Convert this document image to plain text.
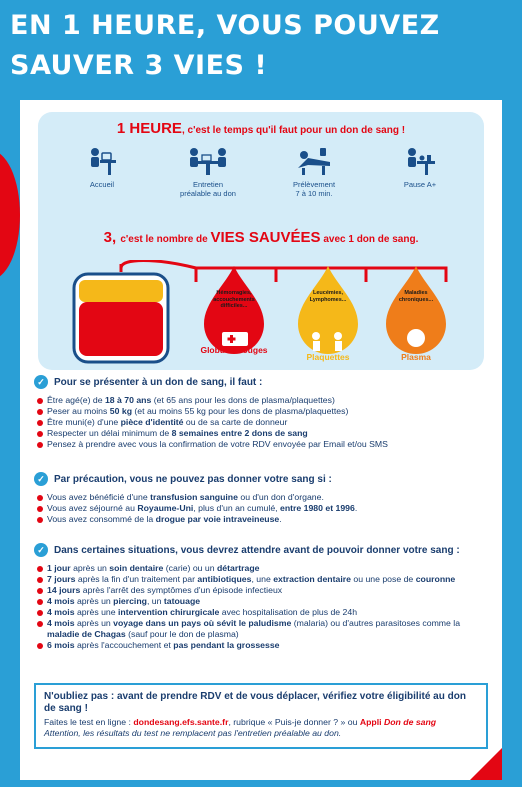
EN 1 HEURE, VOUS POUVEZ
SAUVER 3 VIES !
1 HEURE, c'est le temps qu'il faut pour un don de sang !
Accueil	Entretien
préalable au don
Prélèvement
7 à 10 min.
Pause A+
3, c'est le nombre de VIES SAUVÉES avec 1 don de sang.
Hémorragies, accouchements difficiles...
Leucémies, Lymphomes...
Maladies chroniques...
Globules rouges
Plaquettes	Plasma
✓ Pour se présenter à un don de sang, il faut :
Être agé(e) de 18 à 70 ans (et 65 ans pour les dons de plasma/plaquettes)
Peser au moins 50 kg (et au moins 55 kg pour les dons de plasma/plaquettes)
Être muni(e) d'une pièce d'identité ou de sa carte de donneur
Respecter un délai minimum de 8 semaines entre 2 dons de sang
Pensez à prendre avec vous la confirmation de votre RDV envoyée par Email et/ou SMS
✓ Par précaution, vous ne pouvez pas donner votre sang si :
Vous avez bénéficié d'une transfusion sanguine ou d'un don d'organe.
Vous avez séjourné au Royaume-Uni, plus d'un an cumulé, entre 1980 et 1996.
Vous avez consommé de la drogue par voie intraveineuse.
✓ Dans certaines situations, vous devrez attendre avant de pouvoir donner votre sang :
1 jour après un soin dentaire (carie) ou un détartrage
7 jours après la fin d'un traitement par antibiotiques, une extraction dentaire ou une pose de couronne
14 jours après l'arrêt des symptômes d'un épisode infectieux
4 mois après un piercing, un tatouage
4 mois après une intervention chirurgicale avec hospitalisation de plus de 24h
4 mois après un voyage dans un pays où sévit le paludisme (malaria) ou d'autres parasitoses comme la maladie de Chagas (sauf pour le don de plasma)
6 mois après l'accouchement et pas pendant la grossesse
N'oubliez pas : avant de prendre RDV et de vous déplacer, vérifiez votre éligibilité au don de sang !
Faites le test en ligne : dondesang.efs.sante.fr, rubrique « Puis-je donner ? » ou Appli Don de sang
Attention, les résultats du test ne remplacent pas l'entretien préalable au don.
